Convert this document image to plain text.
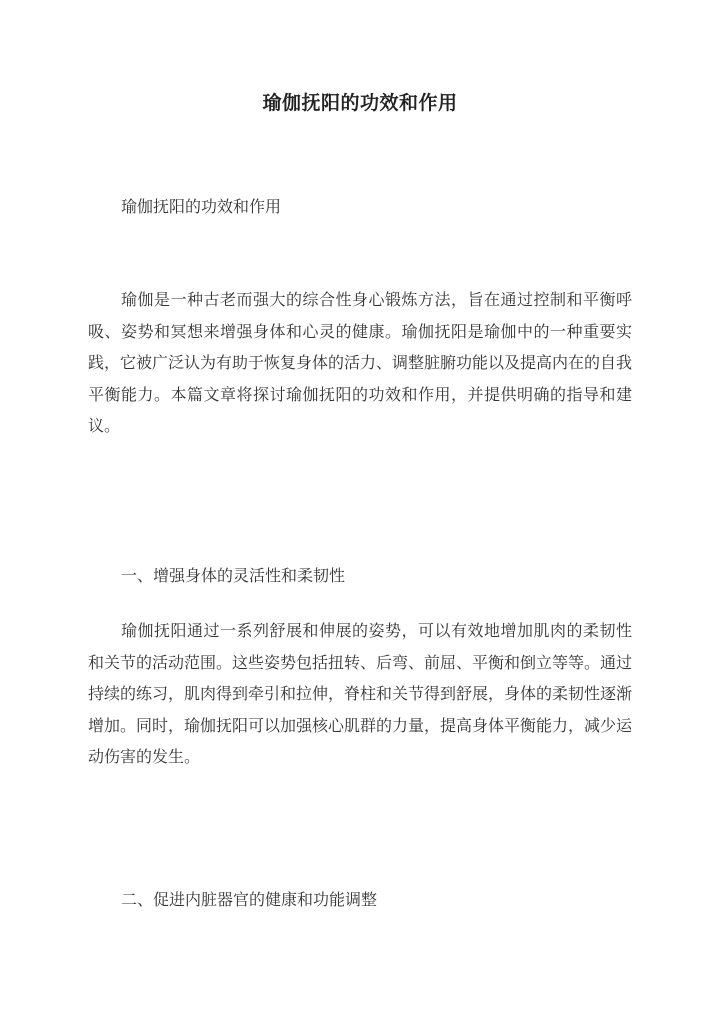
瑜伽抚阳的功效和作用
瑜伽抚阳的功效和作用
瑜伽是一种古老而强大的综合性身心锻炼方法，旨在通过控制和平衡呼吸、姿势和冥想来增强身体和心灵的健康。瑜伽抚阳是瑜伽中的一种重要实践，它被广泛认为有助于恢复身体的活力、调整脏腑功能以及提高内在的自我平衡能力。本篇文章将探讨瑜伽抚阳的功效和作用，并提供明确的指导和建议。
一、增强身体的灵活性和柔韧性
瑜伽抚阳通过一系列舒展和伸展的姿势，可以有效地增加肌肉的柔韧性和关节的活动范围。这些姿势包括扭转、后弯、前屈、平衡和倒立等等。通过持续的练习，肌肉得到牵引和拉伸，脊柱和关节得到舒展，身体的柔韧性逐渐增加。同时，瑜伽抚阳可以加强核心肌群的力量，提高身体平衡能力，减少运动伤害的发生。
二、促进内脏器官的健康和功能调整
